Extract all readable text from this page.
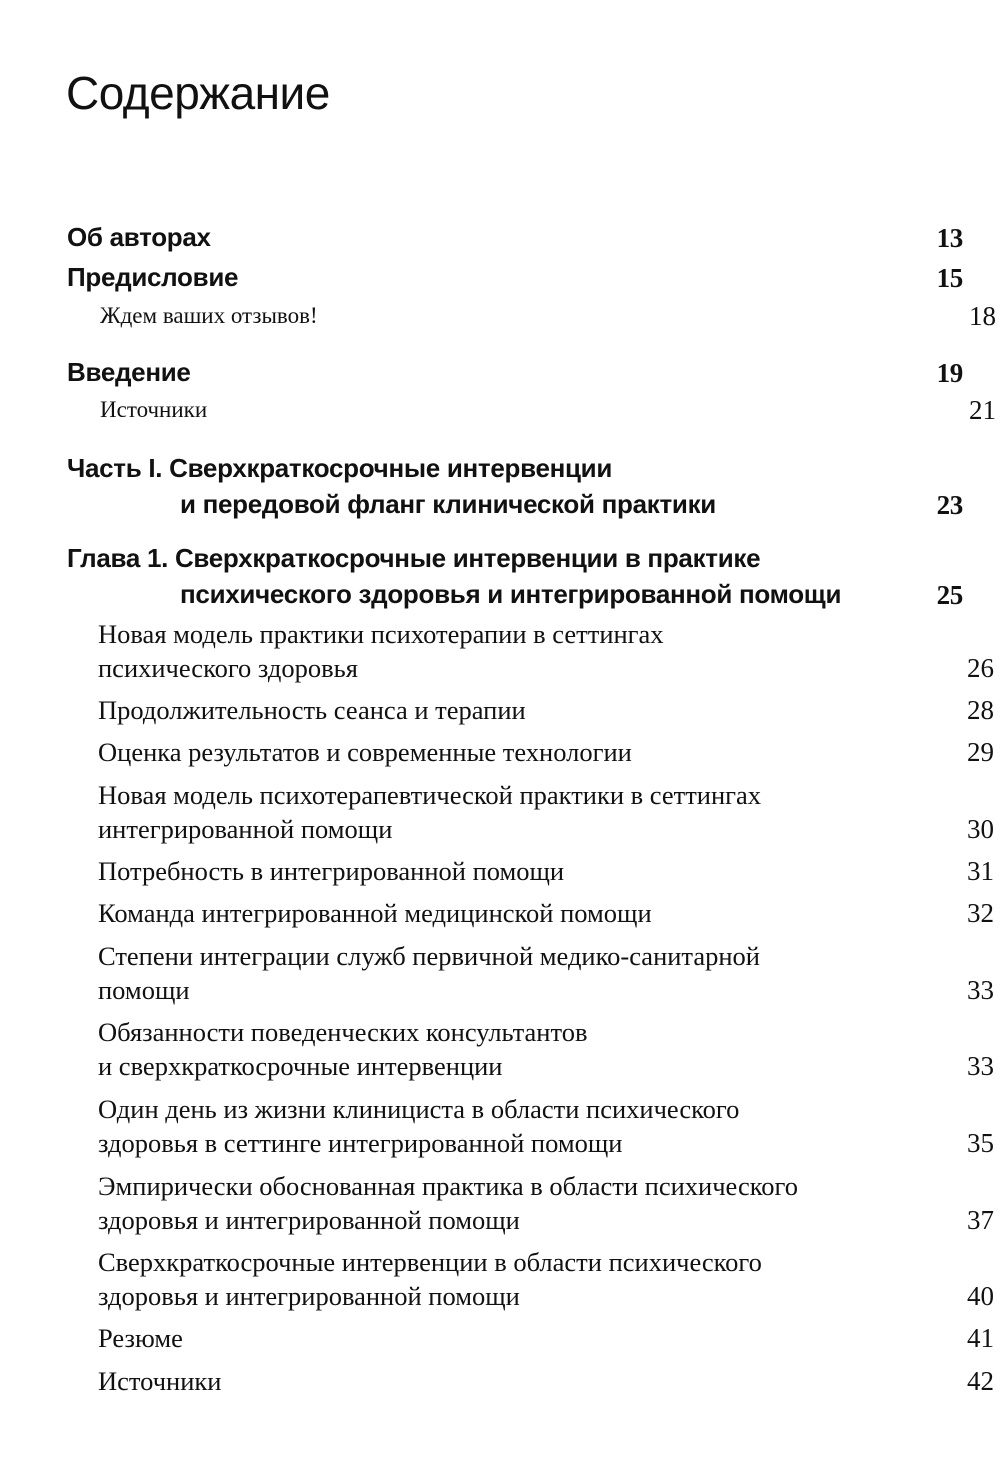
Содержание
Об авторах	13
Предисловие	15
Ждем ваших отзывов!	18
Введение	19
Источники	21
Часть I. Сверхкраткосрочные интервенции
и передовой фланг клинической практики	23
Глава 1. Сверхкраткосрочные интервенции в практике
психического здоровья и интегрированной помощи	25
Новая модель практики психотерапии в сеттингах
психического здоровья	26
Продолжительность сеанса и терапии	28
Оценка результатов и современные технологии	29
Новая модель психотерапевтической практики в сеттингах
интегрированной помощи	30
Потребность в интегрированной помощи	31
Команда интегрированной медицинской помощи	32
Степени интеграции служб первичной медико-санитарной
помощи	33
Обязанности поведенческих консультантов
и сверхкраткосрочные интервенции	33
Один день из жизни клинициста в области психического
здоровья в сеттинге интегрированной помощи	35
Эмпирически обоснованная практика в области психического
здоровья и интегрированной помощи	37
Сверхкраткосрочные интервенции в области психического
здоровья и интегрированной помощи	40
Резюме	41
Источники	42
